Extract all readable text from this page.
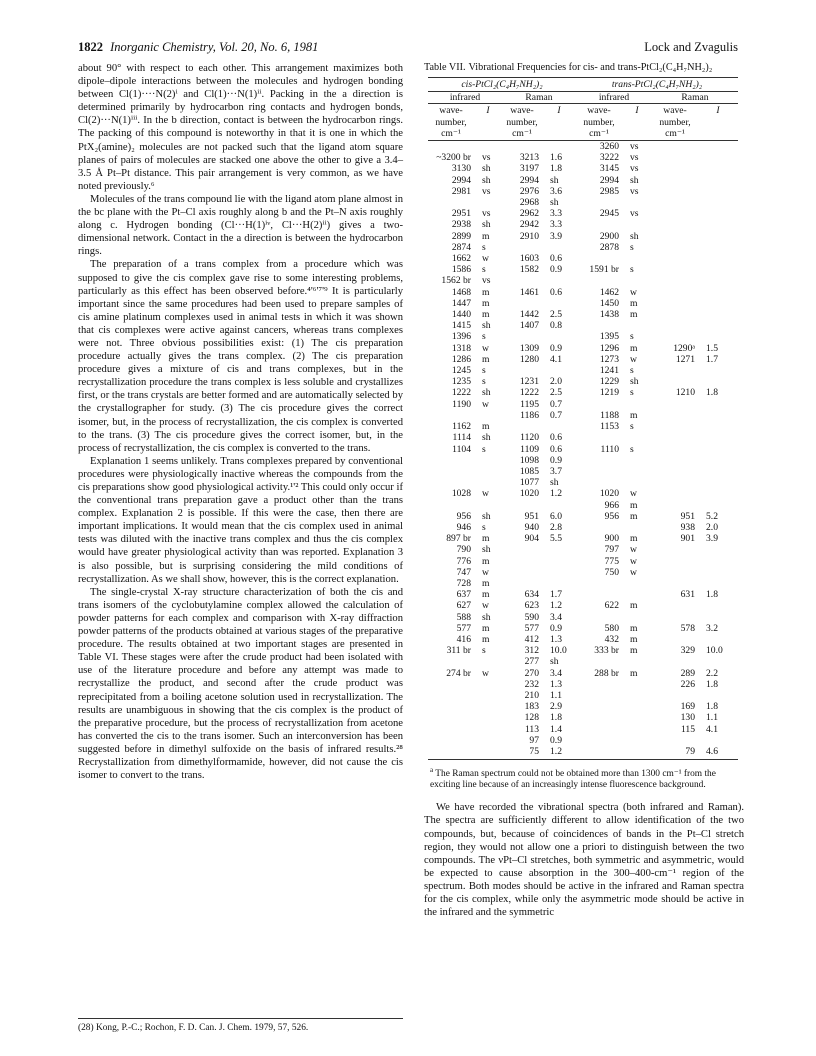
1822 Inorganic Chemistry, Vol. 20, No. 6, 1981	Lock and Zvagulis

about 90° with respect to each other. This arrangement maximizes both dipole–dipole interactions between the molecules and hydrogen bonding between Cl(1)····N(2)ⁱ and Cl(1)···N(1)ⁱⁱ. Packing in the a direction is determined primarily by hydrocarbon ring contacts and hydrogen bonds, Cl(2)···N(1)ⁱⁱⁱ. In the b direction, contact is between the hydrocarbon rings. The packing of this compound is noteworthy in that it is one in which the PtX₂(amine)₂ molecules are not packed such that the ligand atom square planes of pairs of molecules are stacked one above the other to give a 3.4–3.5 Å Pt–Pt distance. This pair arrangement is very common, as we have noted previously.⁶

Molecules of the trans compound lie with the ligand atom plane almost in the bc plane with the Pt–Cl axis roughly along b and the Pt–N axis roughly along c. Hydrogen bonding (Cl···H(1)ⁱᵛ, Cl···H(2)ⁱⁱ) gives a two-dimensional network. Contact in the a direction is between the hydrocarbon rings.

The preparation of a trans complex from a procedure which was supposed to give the cis complex gave rise to some interesting problems, particularly as this effect has been observed before.⁴'⁶'⁷'⁹ It is particularly important since the same procedures had been used to prepare samples of cis amine platinum complexes used in animal tests in which it was shown that cis complexes were active against cancers, whereas trans complexes were not. Three obvious possibilities exist: (1) The cis preparation procedure actually gives the trans complex. (2) The cis preparation procedure gives a mixture of cis and trans complexes, but in the recrystallization procedure the trans complex is less soluble and crystallizes first, or the trans crystals are better formed and are automatically selected by the crystallographer for study. (3) The cis procedure gives the correct isomer, but, in the process of recrystallization, the cis complex is converted to the trans. (3) The cis procedure gives the correct isomer, but, in the process of recrystallization, the cis complex is converted to the trans.

Explanation 1 seems unlikely. Trans complexes prepared by conventional procedures were physiologically inactive whereas the compounds from the cis preparations show good physiological activity.¹'² This could only occur if the conventional trans preparation gave a product other than the trans complex. Explanation 2 is possible. If this were the case, then there are important implications. It would mean that the cis complex used in animal tests was diluted with the inactive trans complex and thus the cis complex would have greater physiological activity than was reported. Explanation 3 is also possible, but is surprising considering the mild conditions of recrystallization. As we shall show, however, this is the correct explanation.

The single-crystal X-ray structure characterization of both the cis and trans isomers of the cyclobutylamine complex allowed the calculation of powder patterns for each complex and comparison with X-ray diffraction powder patterns of the products obtained at various stages of the preparative procedure. The results obtained at two important stages are presented in Table VI. These stages were after the crude product had been isolated with use of the literature procedure and before any attempt was made to recrystallize the product, and second after the crude product was reprecipitated from a boiling acetone solution used in recrystallization. The results are unambiguous in showing that the cis complex is the product of the preparative procedure, but the process of recrystallization from acetone has converted the cis to the trans isomer. Such an interconversion has been suggested before in dimethyl sulfoxide on the basis of infrared results.²⁸ Recrystallization from dimethylformamide, however, did not cause the cis isomer to convert to the trans.

(28) Kong, P.-C.; Rochon, F. D. Can. J. Chem. 1979, 57, 526.
Table VII. Vibrational Frequencies for cis- and trans-PtCl₂(C₄H₇NH₂)₂
cis-PtCl₂(C₄H₇NH₂)₂				trans-PtCl₂(C₄H₇NH₂)₂			
infrared		Raman		infrared		Raman	
wave-number, cm⁻¹	I	wave-number, cm⁻¹	I	wave-number, cm⁻¹	I	wave-number, cm⁻¹	I
				3260	vs		
~3200 br	vs	3213	1.6	3222	vs		
3130	sh	3197	1.8	3145	vs		
2994	sh	2994	sh	2994	sh		
2981	vs	2976	3.6	2985	vs		
		2968	sh				
2951	vs	2962	3.3	2945	vs		
2938	sh	2942	3.3				
2899	m	2910	3.9	2900	sh		
2874	s			2878	s		
1662	w	1603	0.6				
1586	s	1582	0.9	1591 br	s		
1562 br	vs						
1468	m	1461	0.6	1462	w		
1447	m			1450	m		
1440	m	1442	2.5	1438	m		
1415	sh	1407	0.8				
1396	s			1395	s		
1318	w	1309	0.9	1296	m	1290ᵃ	1.5
1286	m	1280	4.1	1273	w	1271	1.7
1245	s			1241	s		
1235	s	1231	2.0	1229	sh		
1222	sh	1222	2.5	1219	s	1210	1.8
1190	w	1195	0.7				
		1186	0.7	1188	m		
1162	m			1153	s		
1114	sh	1120	0.6				
1104	s	1109	0.6	1110	s		
		1098	0.9				
		1085	3.7				
		1077	sh				
1028	w	1020	1.2	1020	w		
				966	m		
956	sh	951	6.0	956	m	951	5.2
946	s	940	2.8			938	2.0
897 br	m	904	5.5	900	m	901	3.9
790	sh			797	w		
776	m			775	w		
747	w			750	w		
728	m						
637	m	634	1.7			631	1.8
627	w	623	1.2	622	m		
588	sh	590	3.4				
577	m	577	0.9	580	m	578	3.2
416	m	412	1.3	432	m		
311 br	s	312	10.0	333 br	m	329	10.0
		277	sh				
274 br	w	270	3.4	288 br	m	289	2.2
		232	1.3			226	1.8
		210	1.1				
		183	2.9			169	1.8
		128	1.8			130	1.1
		113	1.4			115	4.1
		97	0.9				
		75	1.2			79	4.6
$^a$ The Raman spectrum could not be obtained more than 1300 cm⁻¹ from the exciting line because of an increasingly intense fluorescence background.

We have recorded the vibrational spectra (both infrared and Raman). The spectra are sufficiently different to allow identification of the two compounds, but, because of coincidences of bands in the Pt–Cl stretch region, they would not allow one a priori to distinguish between the two compounds. The νPt–Cl stretches, both symmetric and asymmetric, would be expected to cause absorption in the 300–400-cm⁻¹ region of the spectrum. Both modes should be active in the infrared and Raman spectra for the cis complex, while only the asymmetric mode should be active in the infrared and the symmetric
